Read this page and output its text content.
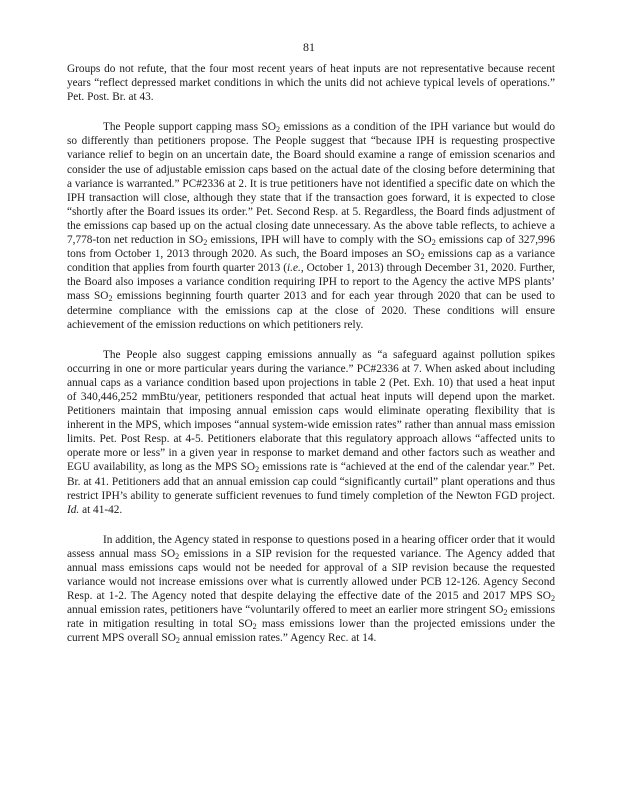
81

Groups do not refute, that the four most recent years of heat inputs are not representative because recent years “reflect depressed market conditions in which the units did not achieve typical levels of operations.” Pet. Post. Br. at 43.

The People support capping mass $SO_2$ emissions as a condition of the IPH variance but would do so differently than petitioners propose. The People suggest that “because IPH is requesting prospective variance relief to begin on an uncertain date, the Board should examine a range of emission scenarios and consider the use of adjustable emission caps based on the actual date of the closing before determining that a variance is warranted.” PC#2336 at 2. It is true petitioners have not identified a specific date on which the IPH transaction will close, although they state that if the transaction goes forward, it is expected to close “shortly after the Board issues its order.” Pet. Second Resp. at 5. Regardless, the Board finds adjustment of the emissions cap based up on the actual closing date unnecessary. As the above table reflects, to achieve a 7,778-ton net reduction in $SO_2$ emissions, IPH will have to comply with the $SO_2$ emissions cap of 327,996 tons from October 1, 2013 through 2020. As such, the Board imposes an $SO_2$ emissions cap as a variance condition that applies from fourth quarter 2013 (i.e., October 1, 2013) through December 31, 2020. Further, the Board also imposes a variance condition requiring IPH to report to the Agency the active MPS plants’ mass $SO_2$ emissions beginning fourth quarter 2013 and for each year through 2020 that can be used to determine compliance with the emissions cap at the close of 2020. These conditions will ensure achievement of the emission reductions on which petitioners rely.

The People also suggest capping emissions annually as “a safeguard against pollution spikes occurring in one or more particular years during the variance.” PC#2336 at 7. When asked about including annual caps as a variance condition based upon projections in table 2 (Pet. Exh. 10) that used a heat input of 340,446,252 mmBtu/year, petitioners responded that actual heat inputs will depend upon the market. Petitioners maintain that imposing annual emission caps would eliminate operating flexibility that is inherent in the MPS, which imposes “annual system-wide emission rates” rather than annual mass emission limits. Pet. Post Resp. at 4-5. Petitioners elaborate that this regulatory approach allows “affected units to operate more or less” in a given year in response to market demand and other factors such as weather and EGU availability, as long as the MPS $SO_2$ emissions rate is “achieved at the end of the calendar year.” Pet. Br. at 41. Petitioners add that an annual emission cap could “significantly curtail” plant operations and thus restrict IPH’s ability to generate sufficient revenues to fund timely completion of the Newton FGD project. Id. at 41-42.

In addition, the Agency stated in response to questions posed in a hearing officer order that it would assess annual mass $SO_2$ emissions in a SIP revision for the requested variance. The Agency added that annual mass emissions caps would not be needed for approval of a SIP revision because the requested variance would not increase emissions over what is currently allowed under PCB 12-126. Agency Second Resp. at 1-2. The Agency noted that despite delaying the effective date of the 2015 and 2017 MPS $SO_2$ annual emission rates, petitioners have “voluntarily offered to meet an earlier more stringent $SO_2$ emissions rate in mitigation resulting in total $SO_2$ mass emissions lower than the projected emissions under the current MPS overall $SO_2$ annual emission rates.” Agency Rec. at 14.
